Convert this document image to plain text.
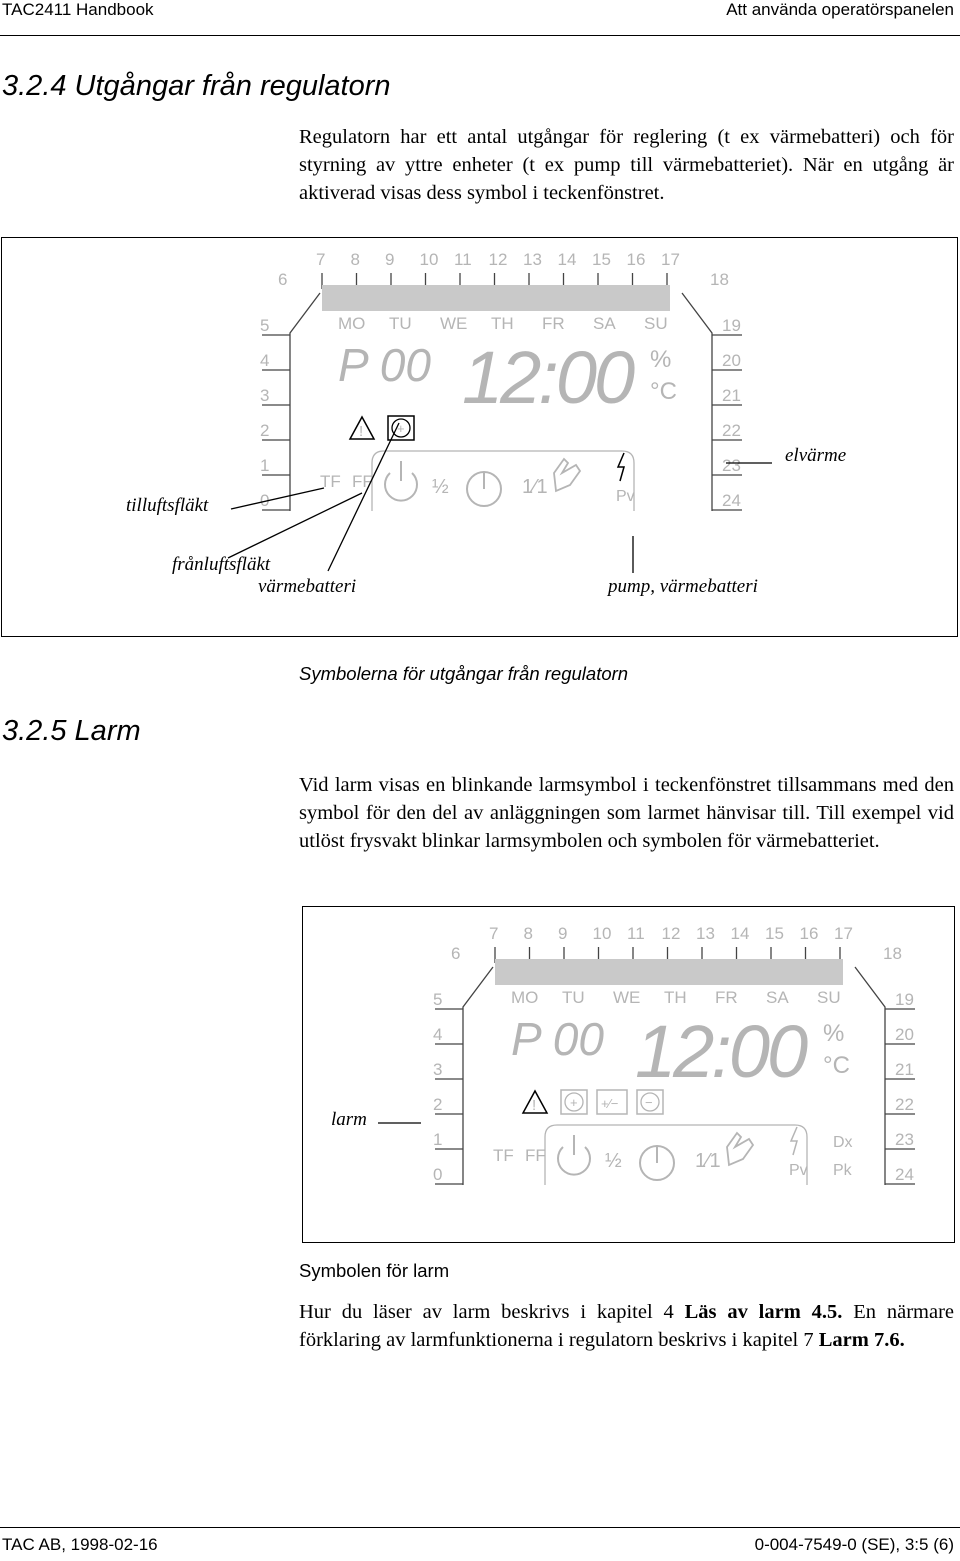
TAC2411 Handbook	Att använda operatörspanelen
3.2.4 Utgångar från regulatorn
Regulatorn har ett antal utgångar för reglering (t ex värmebatteri) och för styrning av yttre enheter (t ex pump till värmebatteriet). När en utgång är aktiverad visas dess symbol i teckenfönstret.
7 8 9 10 11 12 13 14 15 16 17
6	18
5
4
3
2
1
0
19
20
21
22
23
24
MO TU WE TH FR SA SU
P 00 12:00 %
°C
!	+
TF FF	½	1⁄1	Pv
tilluftsfläkt
frånluftsfläkt
värmebatteri	pump, värmebatteri
elvärme
Symbolerna för utgångar från regulatorn
3.2.5 Larm
Vid larm visas en blinkande larmsymbol i teckenfönstret tillsammans med den symbol för den del av anläggningen som larmet hänvisar till. Till exempel vid utlöst frysvakt blinkar larmsymbolen och symbolen för värmebatteriet.
7 8 9 10 11 12 13 14 15 16 17
6	18
5
4
3
2
1
0
19
20
21
22
23
24
MO TU WE TH FR SA SU
P 00 12:00 %
°C
!	+ +⁄− −
TF FF	½	1⁄1	Pv
Dx
Pk
larm
Symbolen för larm
Hur du läser av larm beskrivs i kapitel 4 Läs av larm 4.5. En närmare förklaring av larmfunktionerna i regulatorn beskrivs i kapitel 7 Larm 7.6.
TAC AB, 1998-02-16	0-004-7549-0 (SE), 3:5 (6)
